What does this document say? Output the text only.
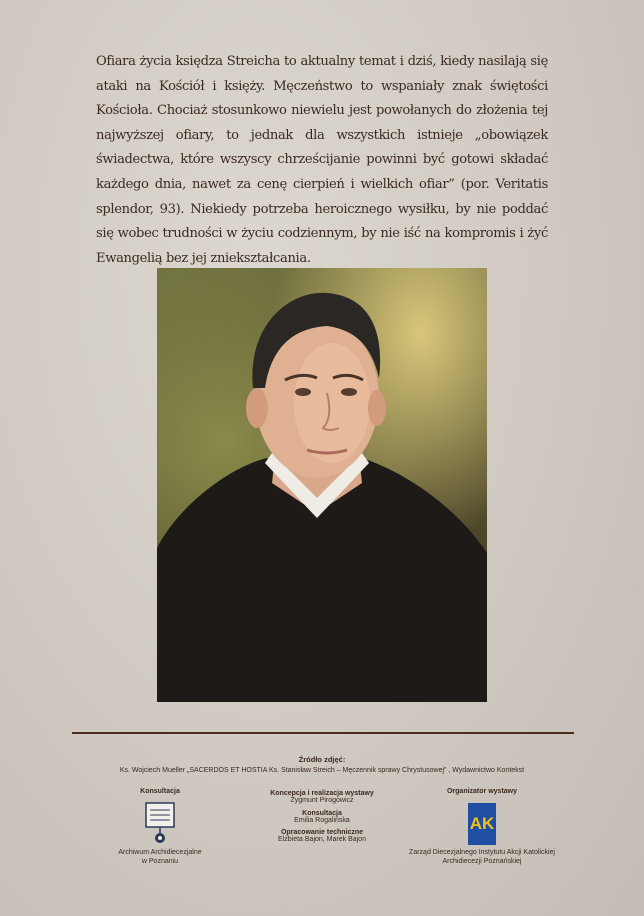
Ofiara życia księdza Streicha to aktualny temat i dziś, kiedy nasilają się ataki na Kościół i księży. Męczeństwo to wspaniały znak świętości Kościoła. Chociaż stosunkowo niewielu jest powołanych do złożenia tej najwyższej ofiary, to jednak dla wszystkich istnieje „obowiązek świadectwa, które wszyscy chrześcijanie powinni być gotowi składać każdego dnia, nawet za cenę cierpień i wielkich ofiar” (por. Veritatis splendor, 93). Niekiedy potrzeba heroicznego wysiłku, by nie poddać się wobec trudności w życiu codziennym, by nie iść na kompromis i żyć Ewangelią bez jej zniekształcania.
Źródło zdjęć:
Ks. Wojciech Mueller „SACERDOS ET HOSTIA Ks. Stanisław Streich – Męczennik sprawy Chrystusowej” , Wydawnictwo Kontekst
Konsultacja
Archiwum Archidiecezjalne
w Poznaniu
Koncepcja i realizacja wystawy
Zygmunt Pirogowicz
Konsultacja
Emilia Rogalińska
Opracowanie techniczne
Elżbieta Bajon, Marek Bajon
Organizator wystawy
AK
Zarząd Diecezjalnego Instytutu Akcji Katolickiej
Archidiecezji Poznańskiej
